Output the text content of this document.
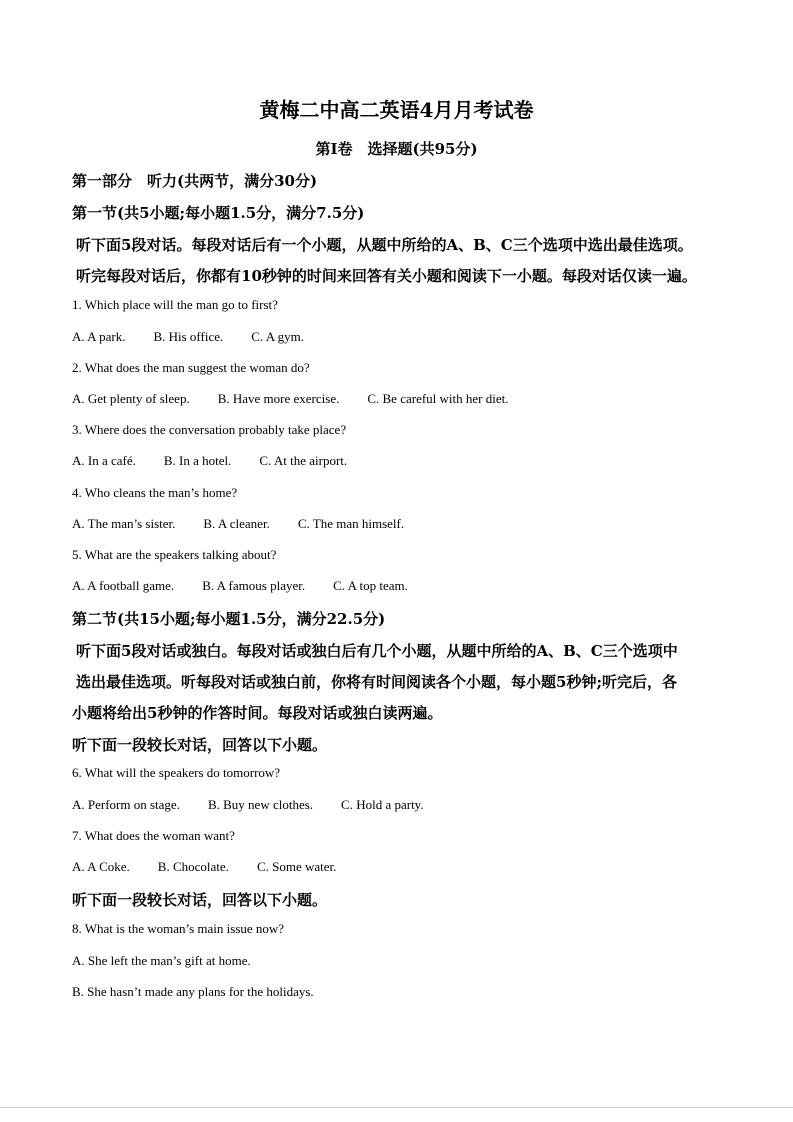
黄梅二中高二英语4月月考试卷
第Ⅰ卷　选择题(共95分)
第一部分　听力(共两节，满分30分)
第一节(共5小题;每小题1.5分，满分7.5分)
听下面5段对话。每段对话后有一个小题，从题中所给的A、B、C三个选项中选出最佳选项。
听完每段对话后，你都有10秒钟的时间来回答有关小题和阅读下一小题。每段对话仅读一遍。
1. Which place will the man go to first?
A. A park. B. His office. C. A gym.
2. What does the man suggest the woman do?
A. Get plenty of sleep. B. Have more exercise. C. Be careful with her diet.
3. Where does the conversation probably take place?
A. In a café. B. In a hotel. C. At the airport.
4. Who cleans the man’s home?
A. The man’s sister. B. A cleaner. C. The man himself.
5. What are the speakers talking about?
A. A football game. B. A famous player. C. A top team.
第二节(共15小题;每小题1.5分，满分22.5分)
听下面5段对话或独白。每段对话或独白后有几个小题，从题中所给的A、B、C三个选项中
选出最佳选项。听每段对话或独白前，你将有时间阅读各个小题，每小题5秒钟;听完后，各
小题将给出5秒钟的作答时间。每段对话或独白读两遍。
听下面一段较长对话，回答以下小题。
6. What will the speakers do tomorrow?
A. Perform on stage. B. Buy new clothes. C. Hold a party.
7. What does the woman want?
A. A Coke. B. Chocolate. C. Some water.
听下面一段较长对话，回答以下小题。
8. What is the woman’s main issue now?
A. She left the man’s gift at home.
B. She hasn’t made any plans for the holidays.
